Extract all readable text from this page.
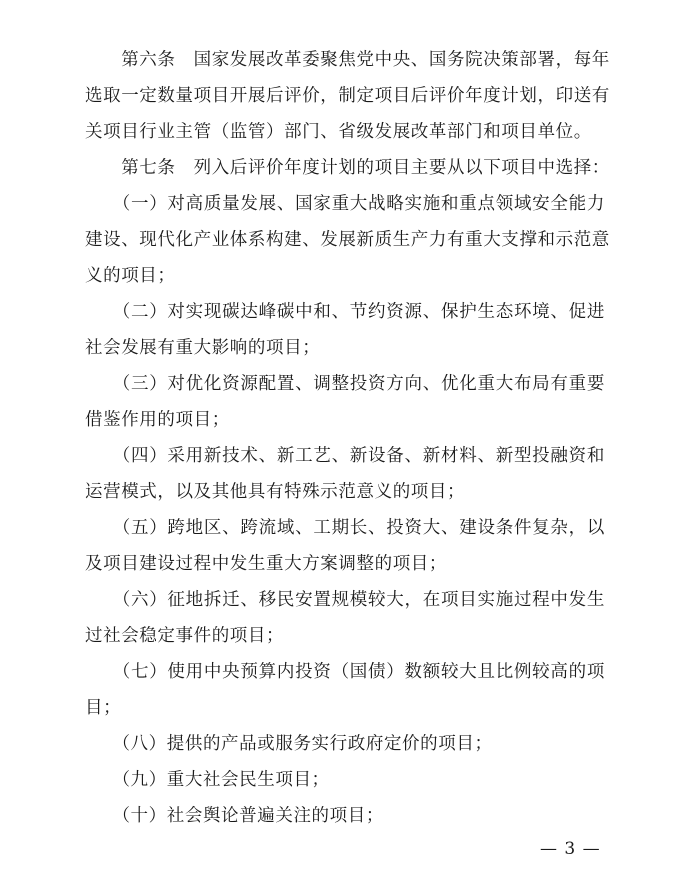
　　第六条　国家发展改革委聚焦党中央、国务院决策部署，每年
选取一定数量项目开展后评价，制定项目后评价年度计划，印送有
关项目行业主管（监管）部门、省级发展改革部门和项目单位。
　　第七条　列入后评价年度计划的项目主要从以下项目中选择：
　　（一）对高质量发展、国家重大战略实施和重点领域安全能力
建设、现代化产业体系构建、发展新质生产力有重大支撑和示范意
义的项目；
　　（二）对实现碳达峰碳中和、节约资源、保护生态环境、促进
社会发展有重大影响的项目；
　　（三）对优化资源配置、调整投资方向、优化重大布局有重要
借鉴作用的项目；
　　（四）采用新技术、新工艺、新设备、新材料、新型投融资和
运营模式，以及其他具有特殊示范意义的项目；
　　（五）跨地区、跨流域、工期长、投资大、建设条件复杂，以
及项目建设过程中发生重大方案调整的项目；
　　（六）征地拆迁、移民安置规模较大，在项目实施过程中发生
过社会稳定事件的项目；
　　（七）使用中央预算内投资（国债）数额较大且比例较高的项
目；
　　（八）提供的产品或服务实行政府定价的项目；
　　（九）重大社会民生项目；
　　（十）社会舆论普遍关注的项目；
— 3 —
